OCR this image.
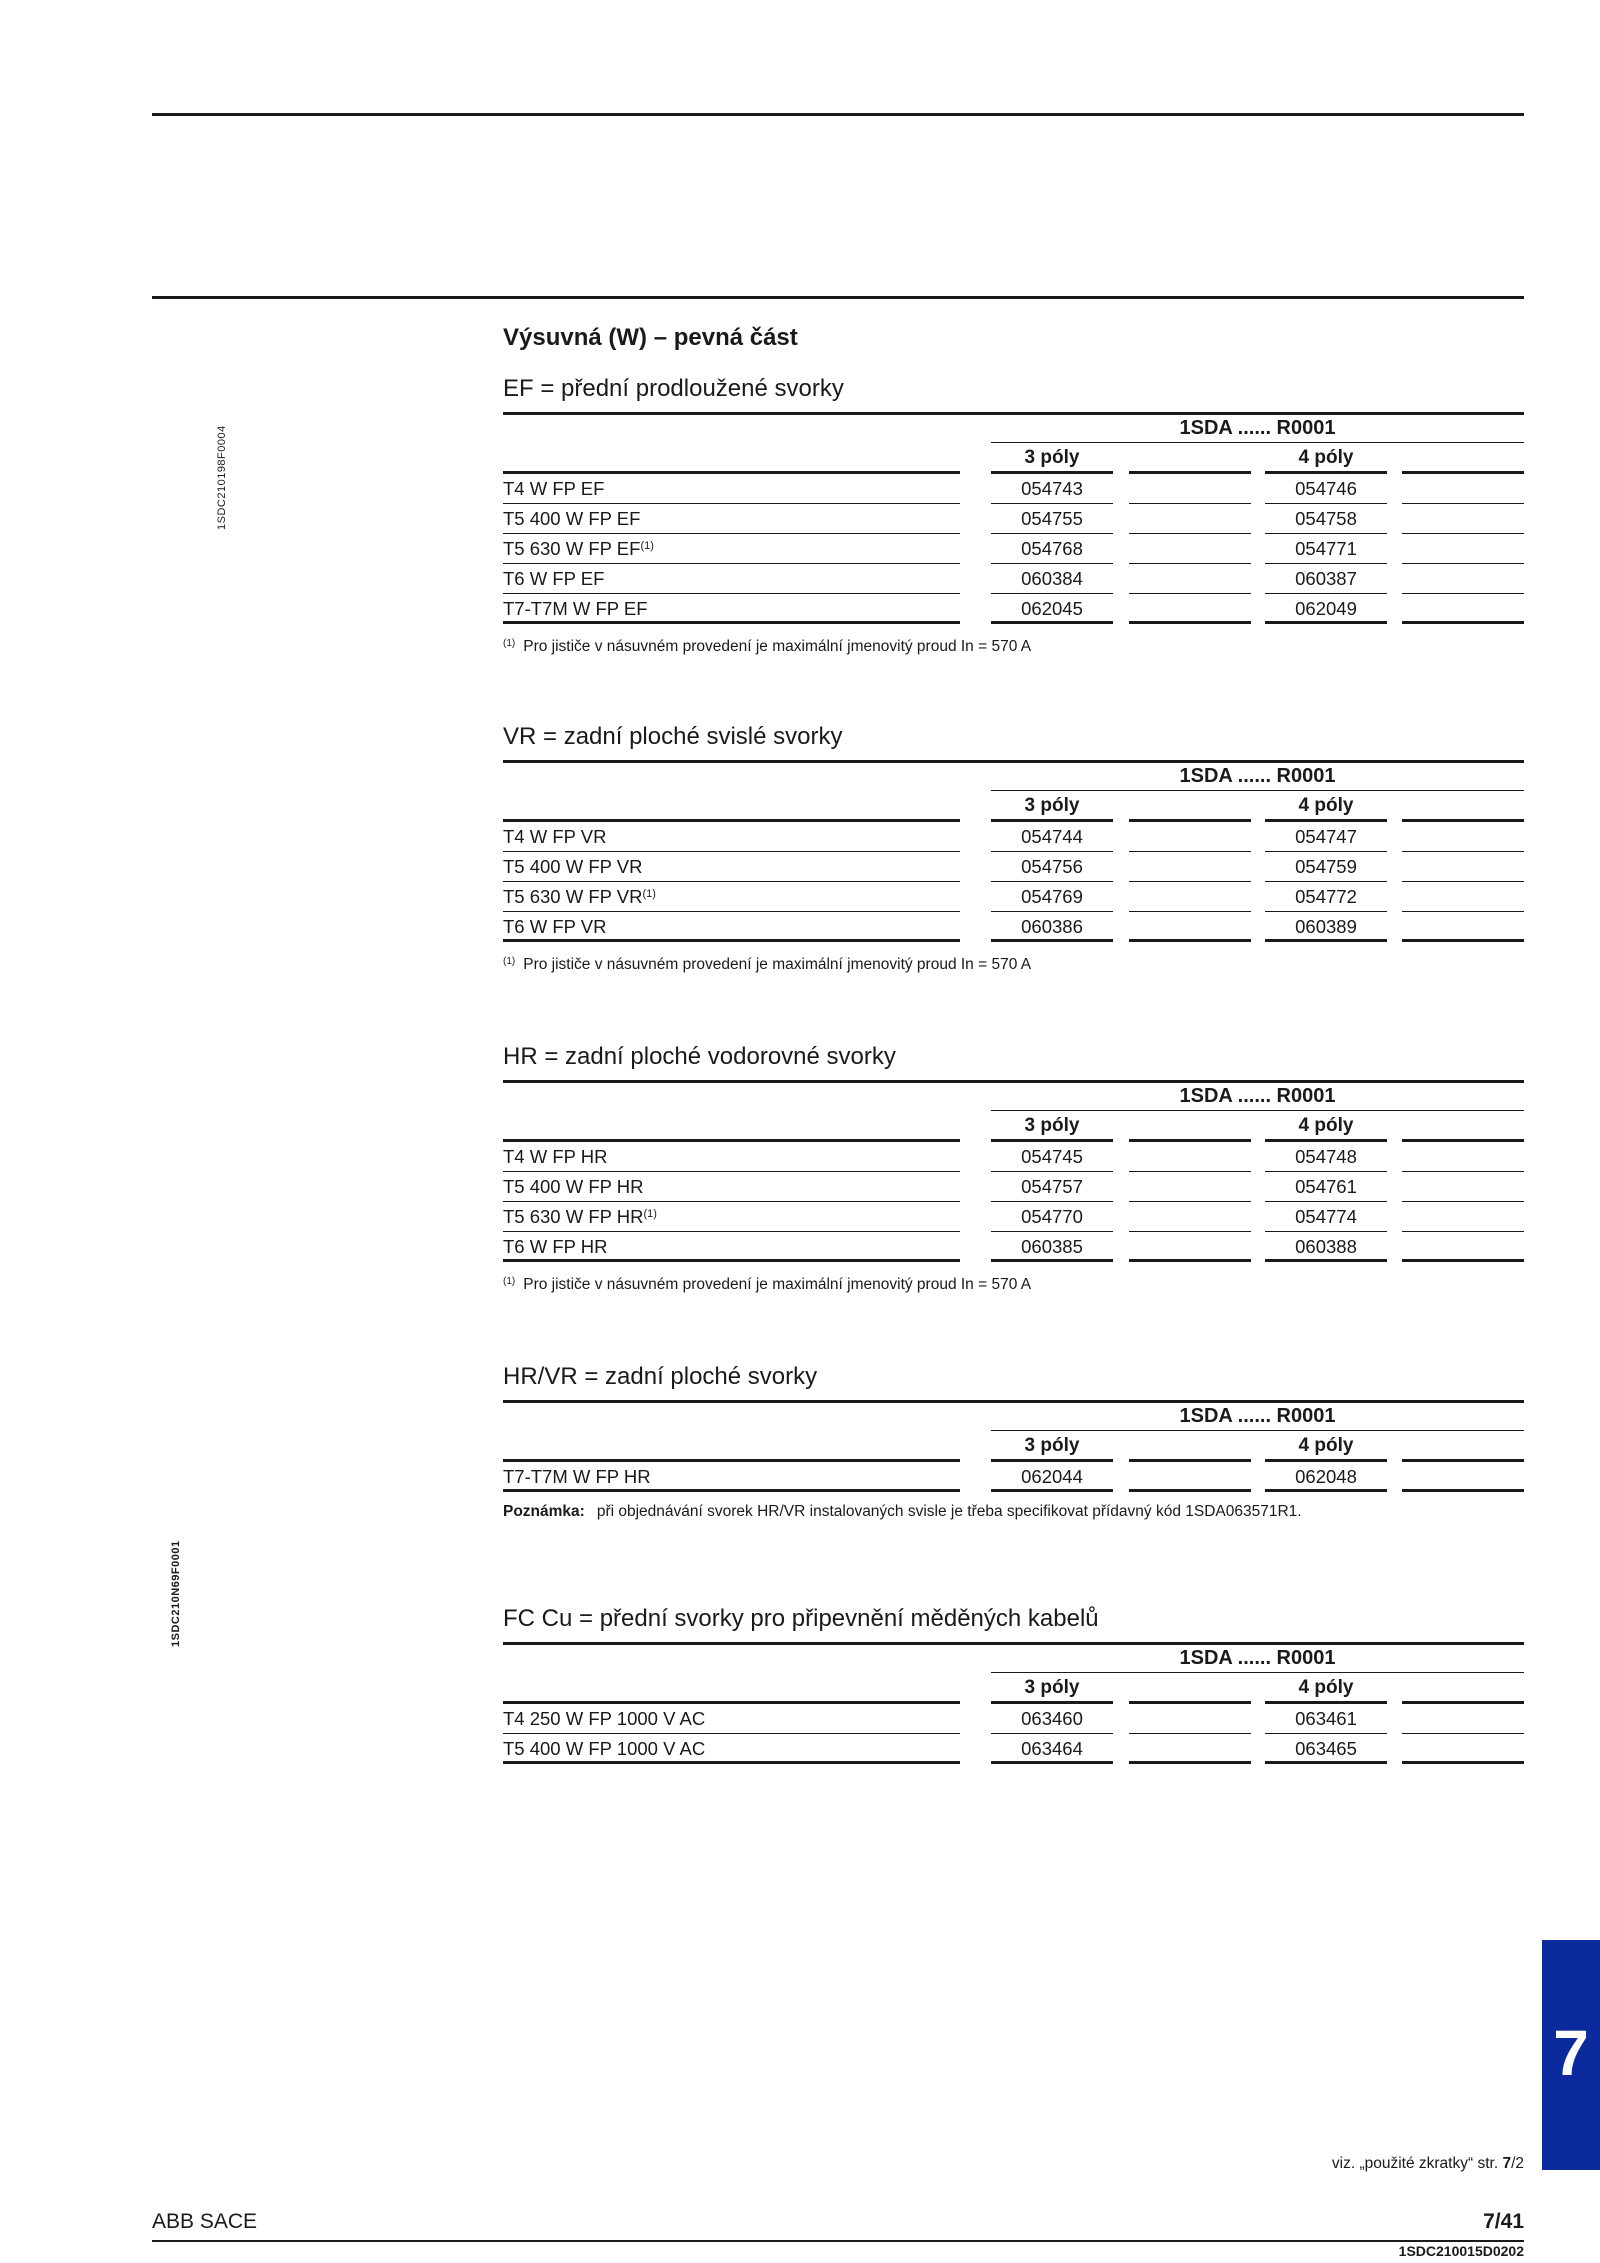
1SDC210198F0004
1SDC210N69F0001
Výsuvná (W) – pevná část
EF = přední prodloužené svorky
1SDA ...... R0001
3 póly	4 póly
T4 W FP EF	054743	054746
T5 400 W FP EF	054755	054758
T5 630 W FP EF$^{(1)}$	054768	054771
T6 W FP EF	060384	060387
T7-T7M W FP EF	062045	062049
$^{(1)}$ Pro jističe v násuvném provedení je maximální jmenovitý proud In = 570 A
VR = zadní ploché svislé svorky
1SDA ...... R0001
3 póly	4 póly
T4 W FP VR	054744	054747
T5 400 W FP VR	054756	054759
T5 630 W FP VR$^{(1)}$	054769	054772
T6 W FP VR	060386	060389
$^{(1)}$ Pro jističe v násuvném provedení je maximální jmenovitý proud In = 570 A
HR = zadní ploché vodorovné svorky
1SDA ...... R0001
3 póly	4 póly
T4 W FP HR	054745	054748
T5 400 W FP HR	054757	054761
T5 630 W FP HR$^{(1)}$	054770	054774
T6 W FP HR	060385	060388
$^{(1)}$ Pro jističe v násuvném provedení je maximální jmenovitý proud In = 570 A
HR/VR = zadní ploché svorky
1SDA ...... R0001
3 póly	4 póly
T7-T7M W FP HR	062044	062048
Poznámka: při objednávání svorek HR/VR instalovaných svisle je třeba specifikovat přídavný kód 1SDA063571R1.
FC Cu = přední svorky pro připevnění měděných kabelů
1SDA ...... R0001
3 póly	4 póly
T4 250 W FP 1000 V AC	063460	063461
T5 400 W FP 1000 V AC	063464	063465
7
viz. „použité zkratky“ str. 7/2
ABB SACE	7/41
1SDC210015D0202
